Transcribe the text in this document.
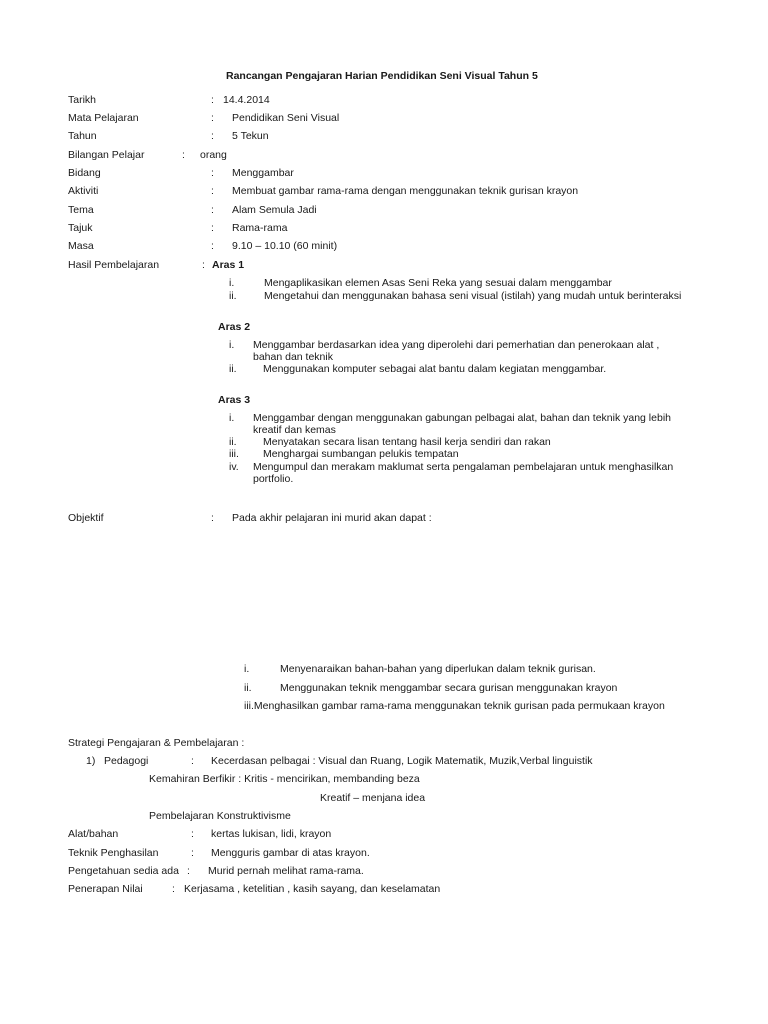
Rancangan Pengajaran Harian Pendidikan Seni Visual Tahun 5
Tarikh	: 14.4.2014
Mata Pelajaran	: Pendidikan Seni Visual
Tahun	: 5 Tekun
Bilangan Pelajar	: orang
Bidang	: Menggambar
Aktiviti	: Membuat gambar rama-rama dengan menggunakan teknik gurisan krayon
Tema	: Alam Semula Jadi
Tajuk	: Rama-rama
Masa	: 9.10 – 10.10 (60 minit)
Hasil Pembelajaran	: Aras 1
i.	Mengaplikasikan elemen Asas Seni Reka yang sesuai dalam menggambar
ii.	Mengetahui dan menggunakan bahasa seni visual (istilah) yang mudah untuk berinteraksi
Aras 2
i. Menggambar berdasarkan idea yang diperolehi dari pemerhatian dan penerokaan alat ,
bahan dan teknik
ii.	Menggunakan komputer sebagai alat bantu dalam kegiatan menggambar.
Aras 3
i. Menggambar dengan menggunakan gabungan pelbagai alat, bahan dan teknik yang lebih
kreatif dan kemas
ii.	Menyatakan secara lisan tentang hasil kerja sendiri dan rakan
iii. Menghargai sumbangan pelukis tempatan
iv. Mengumpul dan merakam maklumat serta pengalaman pembelajaran untuk menghasilkan
portfolio.
Objektif	: Pada akhir pelajaran ini murid akan dapat :
i.	Menyenaraikan bahan-bahan yang diperlukan dalam teknik gurisan.
ii.	Menggunakan teknik menggambar secara gurisan menggunakan krayon
iii.Menghasilkan gambar rama-rama menggunakan teknik gurisan pada permukaan krayon
Strategi Pengajaran & Pembelajaran :
1) Pedagogi	: Kecerdasan pelbagai : Visual dan Ruang, Logik Matematik, Muzik,Verbal linguistik
Kemahiran Berfikir : Kritis - mencirikan, membanding beza
Kreatif – menjana idea
Pembelajaran Konstruktivisme
Alat/bahan	: kertas lukisan, lidi, krayon
Teknik Penghasilan	: Mengguris gambar di atas krayon.
Pengetahuan sedia ada : Murid pernah melihat rama-rama.
Penerapan Nilai	: Kerjasama , ketelitian , kasih sayang, dan keselamatan
